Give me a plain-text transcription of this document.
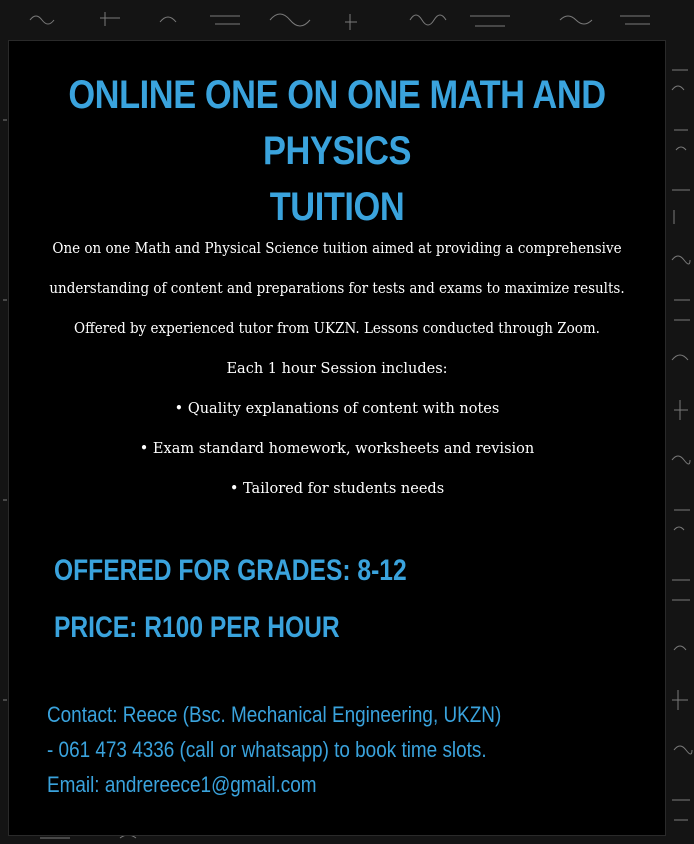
ONLINE ONE ON ONE MATH AND PHYSICS
TUITION
One on one Math and Physical Science tuition aimed at providing a comprehensive
understanding of content and preparations for tests and exams to maximize results.
Offered by experienced tutor from UKZN. Lessons conducted through Zoom.
Each 1 hour Session includes:
• Quality explanations of content with notes
• Exam standard homework, worksheets and revision
• Tailored for students needs
OFFERED FOR GRADES: 8-12
PRICE: R100 PER HOUR
Contact: Reece (Bsc. Mechanical Engineering, UKZN)
- 061 473 4336 (call or whatsapp) to book time slots.
Email: andrereece1@gmail.com
